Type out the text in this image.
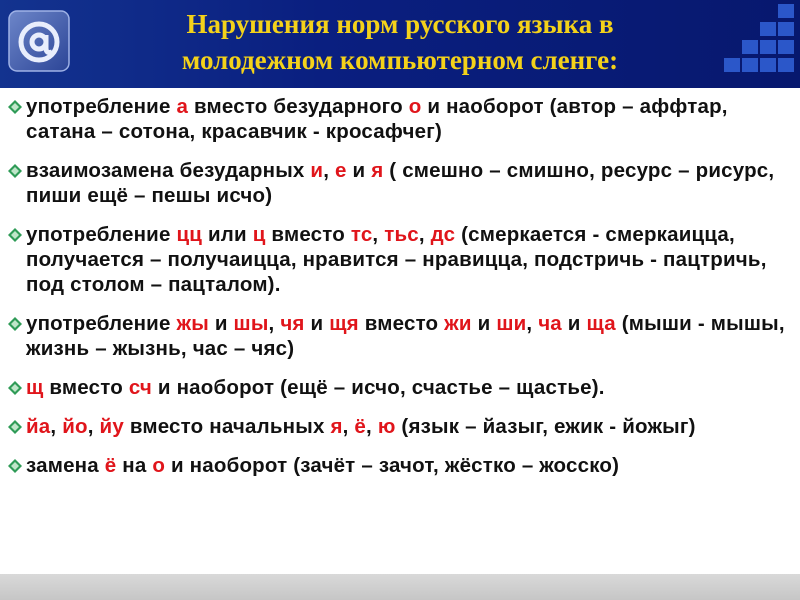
Нарушения норм русского языка в
молодежном компьютерном сленге:
употребление а вместо безударного о и наоборот (автор – аффтар, сатана – сотона, красавчик - кросафчег)
взаимозамена безударных и, е и я ( смешно – смишно, ресурс – рисурс, пиши ещё – пешы исчо)
употребление цц или ц вместо тс, тьс, дс (смеркается - смеркаицца, получается – получаицца, нравится – нравицца, подстричь - пацтричь, под столом – пацталом).
употребление жы и шы, чя и щя вместо жи и ши, ча и ща (мыши - мышы, жизнь – жызнь, час – чяс)
щ вместо сч и наоборот (ещё – исчо, счастье – щастье).
йа, йо, йу вместо начальных я, ё, ю (язык – йазыг, ежик - йожыг)
замена ё на о и наоборот (зачёт – зачот, жёстко – жосско)
